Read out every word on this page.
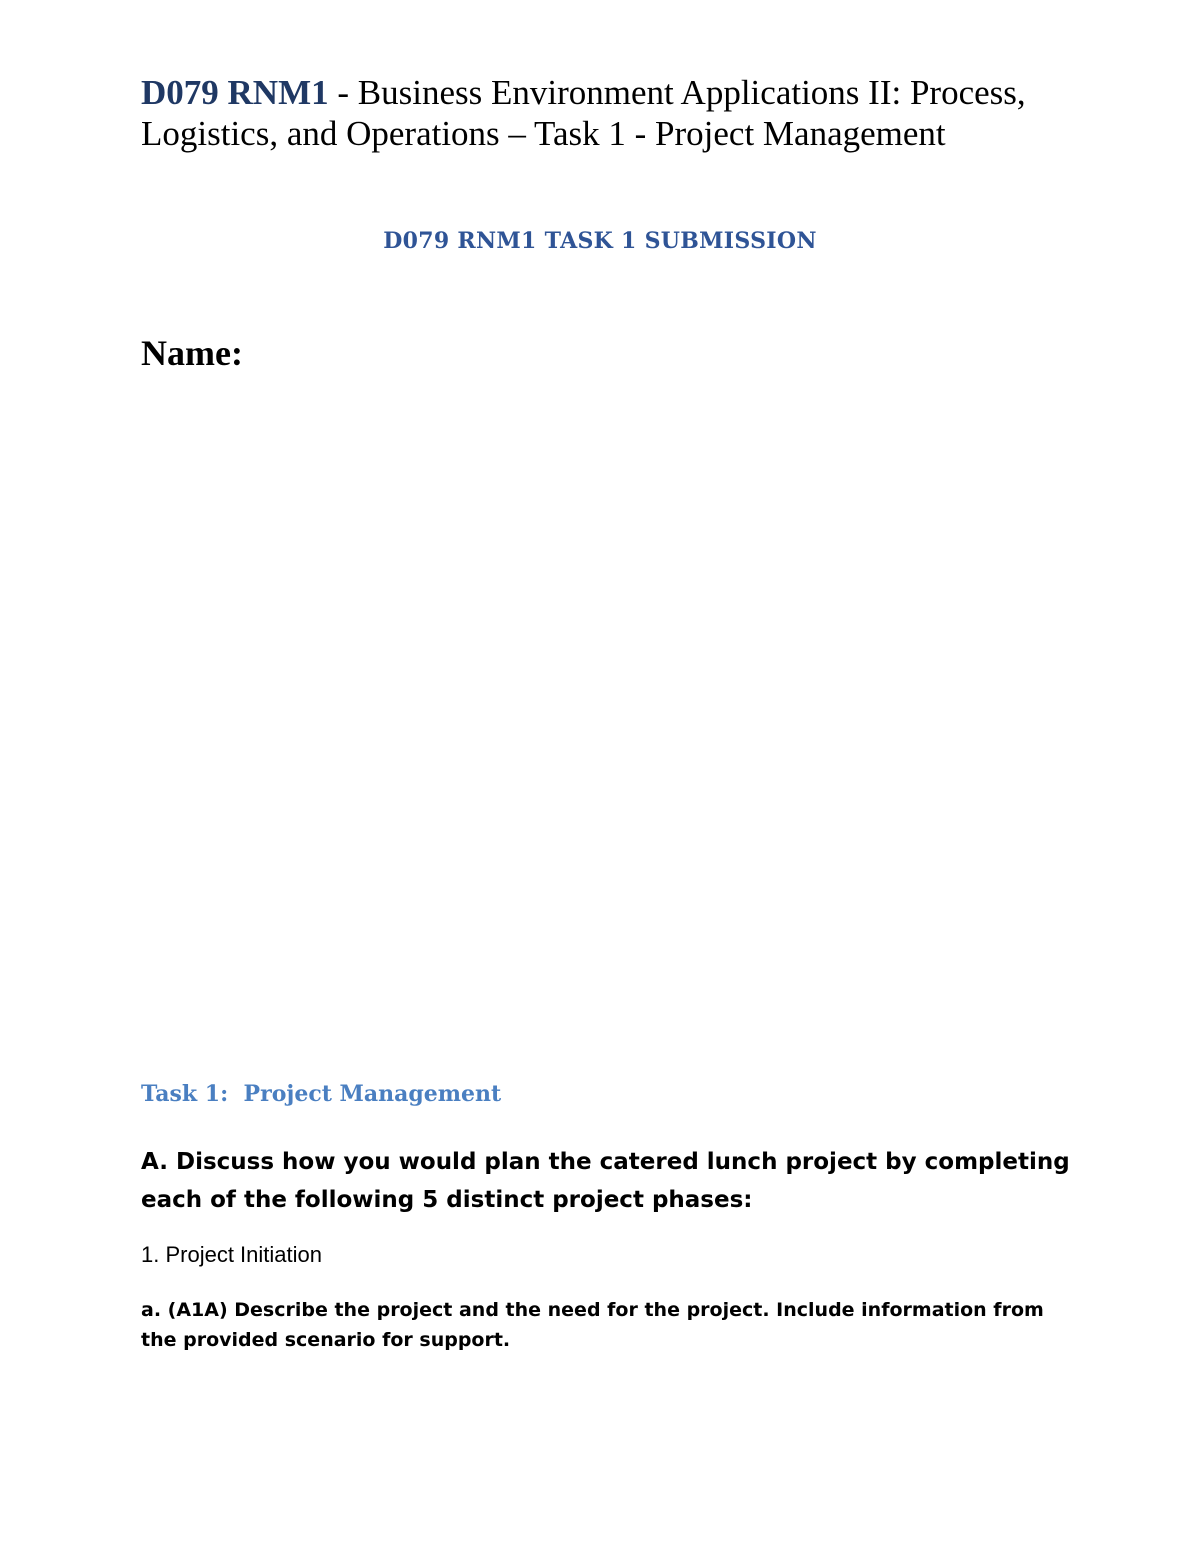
D079 RNM1 - Business Environment Applications II: Process, Logistics, and Operations – Task 1 - Project Management
D079 RNM1 TASK 1 SUBMISSION
Name:
Task 1:  Project Management
A. Discuss how you would plan the catered lunch project by completing each of the following 5 distinct project phases:
1. Project Initiation
a. (A1A) Describe the project and the need for the project. Include information from the provided scenario for support.
